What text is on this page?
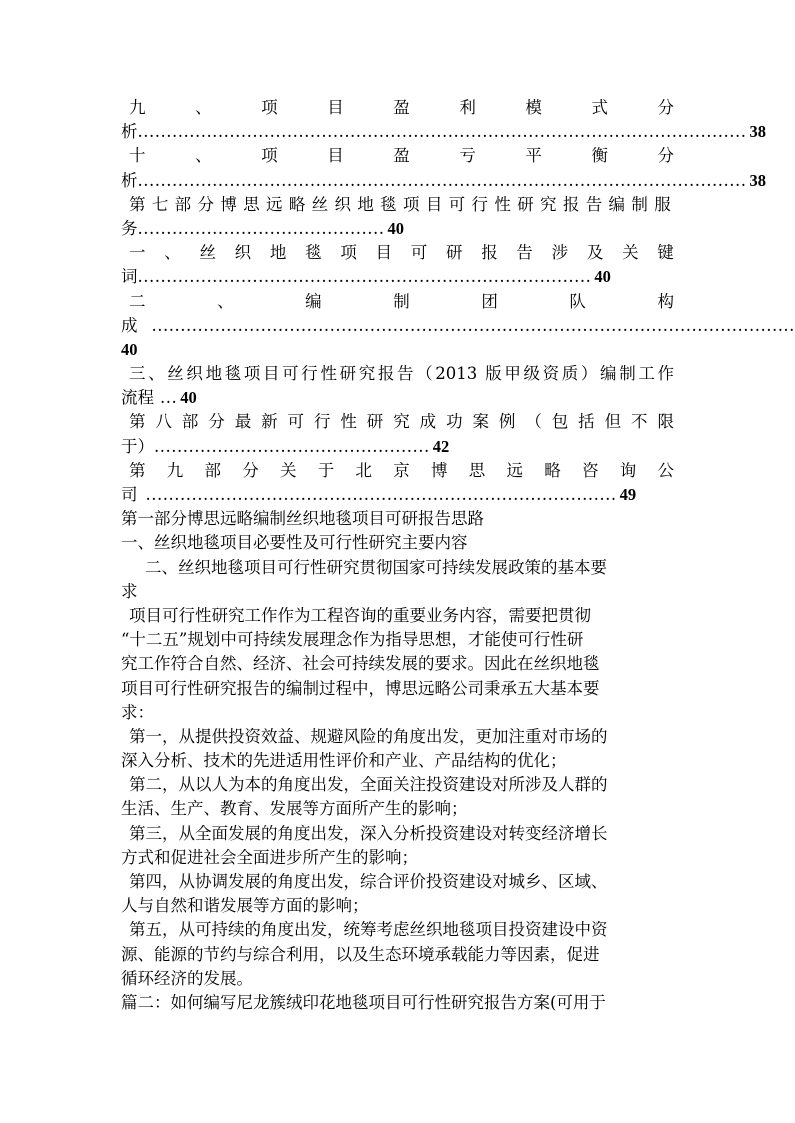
九	、	项	目	盈	利	模	式	分
析 .......................................................................................................... 38
十	、	项	目	盈	亏	平	衡	分
析 .......................................................................................................... 38
第七部分博思远略丝织地毯项目可行性研究报告编制服
务 ........................................... 40
一 、 丝 织 地 毯 项 目 可 研 报 告 涉 及 关 键
词 ............................................................................... 40
二	、	编	制	团	队	构
成 ................................................................................................................
40
三、丝织地毯项目可行性研究报告（2013 版甲级资质）编制工作
流程 ... 40
第 八 部 分 最 新 可 行 性 研 究 成 功 案 例 （ 包 括 但 不 限
于） ................................................ 42
第 九 部 分 关 于 北 京 博 思 远 略 咨 询 公
司 .................................................................................. 49
第一部分博思远略编制丝织地毯项目可研报告思路
一、丝织地毯项目必要性及可行性研究主要内容
二、丝织地毯项目可行性研究贯彻国家可持续发展政策的基本要
求
项目可行性研究工作作为工程咨询的重要业务内容，需要把贯彻
“十二五”规划中可持续发展理念作为指导思想，才能使可行性研
究工作符合自然、经济、社会可持续发展的要求。因此在丝织地毯
项目可行性研究报告的编制过程中，博思远略公司秉承五大基本要
求：
第一，从提供投资效益、规避风险的角度出发，更加注重对市场的
深入分析、技术的先进适用性评价和产业、产品结构的优化；
第二，从以人为本的角度出发，全面关注投资建设对所涉及人群的
生活、生产、教育、发展等方面所产生的影响；
第三，从全面发展的角度出发，深入分析投资建设对转变经济增长
方式和促进社会全面进步所产生的影响；
第四，从协调发展的角度出发，综合评价投资建设对城乡、区域、
人与自然和谐发展等方面的影响；
第五，从可持续的角度出发，统筹考虑丝织地毯项目投资建设中资
源、能源的节约与综合利用，以及生态环境承载能力等因素，促进
循环经济的发展。
篇二：如何编写尼龙簇绒印花地毯项目可行性研究报告方案(可用于
